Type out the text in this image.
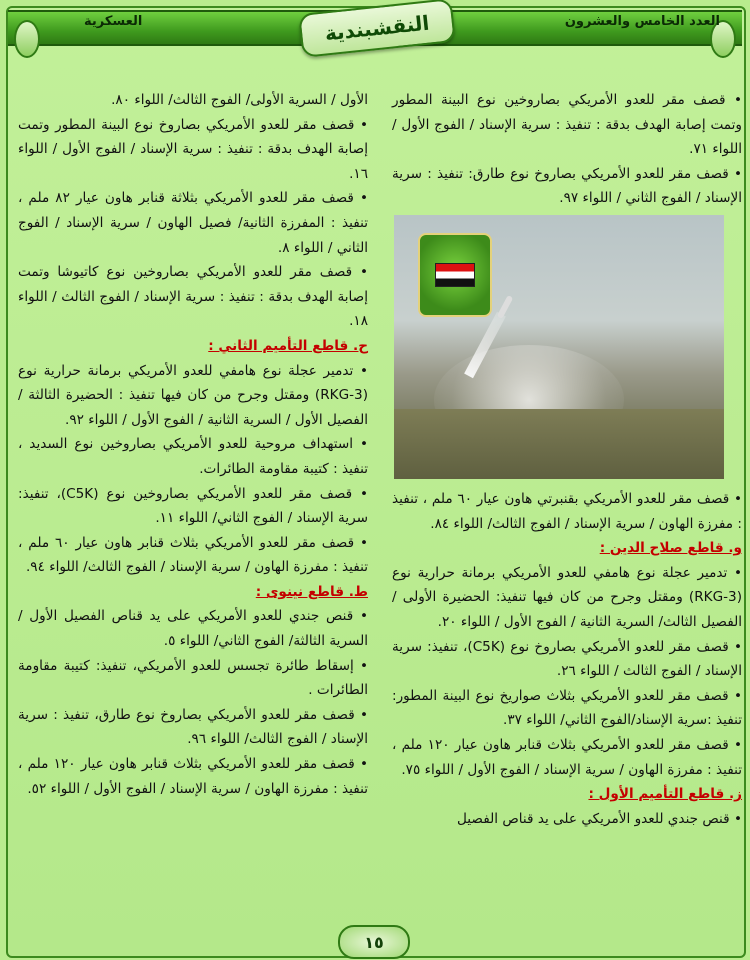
العسكرية	العدد الخامس والعشرون
النقشبندية

• قصف مقر للعدو الأمريكي بصاروخين نوع البينة المطور وتمت إصابة الهدف بدقة : تنفيذ : سرية الإسناد / الفوج الأول / اللواء ٧١.

• قصف مقر للعدو الأمريكي بصاروخ نوع طارق: تنفيذ : سرية الإسناد / الفوج الثاني / اللواء ٩٧.

• قصف مقر للعدو الأمريكي بقنبرتي هاون عيار ٦٠ ملم ، تنفيذ : مفرزة الهاون / سرية الإسناد / الفوج الثالث/ اللواء ٨٤.

و. قاطع صلاح الدين :

• تدمير عجلة نوع هامفي للعدو الأمريكي برمانة حرارية نوع (RKG-3) ومقتل وجرح من كان فيها تنفيذ: الحضيرة الأولى / الفصيل الثالث/ السرية الثانية / الفوج الأول / اللواء ٢٠.

• قصف مقر للعدو الأمريكي بصاروخ نوع (C5K)، تنفيذ: سرية الإسناد / الفوج الثالث / اللواء ٢٦.

• قصف مقر للعدو الأمريكي بثلاث صواريخ نوع البينة المطور: تنفيذ :سرية الإسناد/الفوج الثاني/ اللواء ٣٧.

• قصف مقر للعدو الأمريكي بثلاث قنابر هاون عيار ١٢٠ ملم ، تنفيذ : مفرزة الهاون / سرية الإسناد / الفوج الأول / اللواء ٧٥.

ز. قاطع التأميم الأول :

• قنص جندي للعدو الأمريكي على يد قناص الفصيل

الأول / السرية الأولى/ الفوج الثالث/ اللواء ٨٠.

• قصف مقر للعدو الأمريكي بصاروخ نوع البينة المطور وتمت إصابة الهدف بدقة : تنفيذ : سرية الإسناد / الفوج الأول / اللواء ١٦.

• قصف مقر للعدو الأمريكي بثلاثة قنابر هاون عيار ٨٢ ملم ، تنفيذ : المفرزة الثانية/ فصيل الهاون / سرية الإسناد / الفوج الثاني / اللواء ٨.

• قصف مقر للعدو الأمريكي بصاروخين نوع كاتيوشا وتمت إصابة الهدف بدقة : تنفيذ : سرية الإسناد / الفوج الثالث / اللواء ١٨.

ح. قاطع التأميم الثاني :

• تدمير عجلة نوع هامفي للعدو الأمريكي برمانة حرارية نوع (RKG-3) ومقتل وجرح من كان فيها تنفيذ : الحضيرة الثالثة / الفصيل الأول / السرية الثانية / الفوج الأول / اللواء ٩٢.

• استهداف مروحية للعدو الأمريكي بصاروخين نوع السديد ، تنفيذ : كتيبة مقاومة الطائرات.

• قصف مقر للعدو الأمريكي بصاروخين نوع (C5K)، تنفيذ: سرية الإسناد / الفوج الثاني/ اللواء ١١.

• قصف مقر للعدو الأمريكي بثلاث قنابر هاون عيار ٦٠ ملم ، تنفيذ : مفرزة الهاون / سرية الإسناد / الفوج الثالث/ اللواء ٩٤.

ط. قاطع نينوى :

• قنص جندي للعدو الأمريكي على يد قناص الفصيل الأول / السرية الثالثة/ الفوج الثاني/ اللواء ٥.

• إسقاط طائرة تجسس للعدو الأمريكي، تنفيذ: كتيبة مقاومة الطائرات .

• قصف مقر للعدو الأمريكي بصاروخ نوع طارق، تنفيذ : سرية الإسناد / الفوج الثالث/ اللواء ٩٦.

• قصف مقر للعدو الأمريكي بثلاث قنابر هاون عيار ١٢٠ ملم ، تنفيذ : مفرزة الهاون / سرية الإسناد / الفوج الأول / اللواء ٥٢.

١٥
